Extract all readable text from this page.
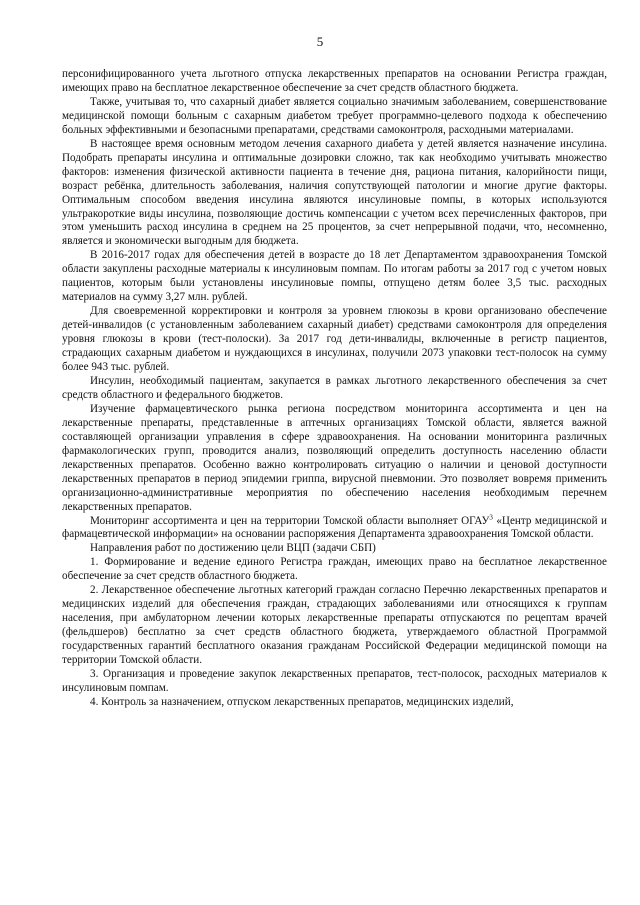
5

персонифицированного учета льготного отпуска лекарственных препаратов на основании Регистра граждан, имеющих право на бесплатное лекарственное обеспечение за счет средств областного бюджета.

Также, учитывая то, что сахарный диабет является социально значимым заболеванием, совершенствование медицинской помощи больным с сахарным диабетом требует программно-целевого подхода к обеспечению больных эффективными и безопасными препаратами, средствами самоконтроля, расходными материалами.

В настоящее время основным методом лечения сахарного диабета у детей является назначение инсулина. Подобрать препараты инсулина и оптимальные дозировки сложно, так как необходимо учитывать множество факторов: изменения физической активности пациента в течение дня, рациона питания, калорийности пищи, возраст ребёнка, длительность заболевания, наличия сопутствующей патологии и многие другие факторы. Оптимальным способом введения инсулина являются инсулиновые помпы, в которых используются ультракороткие виды инсулина, позволяющие достичь компенсации с учетом всех перечисленных факторов, при этом уменьшить расход инсулина в среднем на 25 процентов, за счет непрерывной подачи, что, несомненно, является и экономически выгодным для бюджета.

В 2016-2017 годах для обеспечения детей в возрасте до 18 лет Департаментом здравоохранения Томской области закуплены расходные материалы к инсулиновым помпам. По итогам работы за 2017 год с учетом новых пациентов, которым были установлены инсулиновые помпы, отпущено детям более 3,5 тыс. расходных материалов на сумму 3,27 млн. рублей.

Для своевременной корректировки и контроля за уровнем глюкозы в крови организовано обеспечение детей-инвалидов (с установленным заболеванием сахарный диабет) средствами самоконтроля для определения уровня глюкозы в крови (тест-полоски). За 2017 год дети-инвалиды, включенные в регистр пациентов, страдающих сахарным диабетом и нуждающихся в инсулинах, получили 2073 упаковки тест-полосок на сумму более 943 тыс. рублей.

Инсулин, необходимый пациентам, закупается в рамках льготного лекарственного обеспечения за счет средств областного и федерального бюджетов.

Изучение фармацевтического рынка региона посредством мониторинга ассортимента и цен на лекарственные препараты, представленные в аптечных организациях Томской области, является важной составляющей организации управления в сфере здравоохранения. На основании мониторинга различных фармакологических групп, проводится анализ, позволяющий определить доступность населению области лекарственных препаратов. Особенно важно контролировать ситуацию о наличии и ценовой доступности лекарственных препаратов в период эпидемии гриппа, вирусной пневмонии. Это позволяет вовремя применить организационно-административные мероприятия по обеспечению населения необходимым перечнем лекарственных препаратов.

Мониторинг ассортимента и цен на территории Томской области выполняет ОГАУ$^3$ «Центр медицинской и фармацевтической информации» на основании распоряжения Департамента здравоохранения Томской области.

Направления работ по достижению цели ВЦП (задачи СБП)

1. Формирование и ведение единого Регистра граждан, имеющих право на бесплатное лекарственное обеспечение за счет средств областного бюджета.

2. Лекарственное обеспечение льготных категорий граждан согласно Перечню лекарственных препаратов и медицинских изделий для обеспечения граждан, страдающих заболеваниями или относящихся к группам населения, при амбулаторном лечении которых лекарственные препараты отпускаются по рецептам врачей (фельдшеров) бесплатно за счет средств областного бюджета, утверждаемого областной Программой государственных гарантий бесплатного оказания гражданам Российской Федерации медицинской помощи на территории Томской области.

3. Организация и проведение закупок лекарственных препаратов, тест-полосок, расходных материалов к инсулиновым помпам.

4. Контроль за назначением, отпуском лекарственных препаратов, медицинских изделий,
